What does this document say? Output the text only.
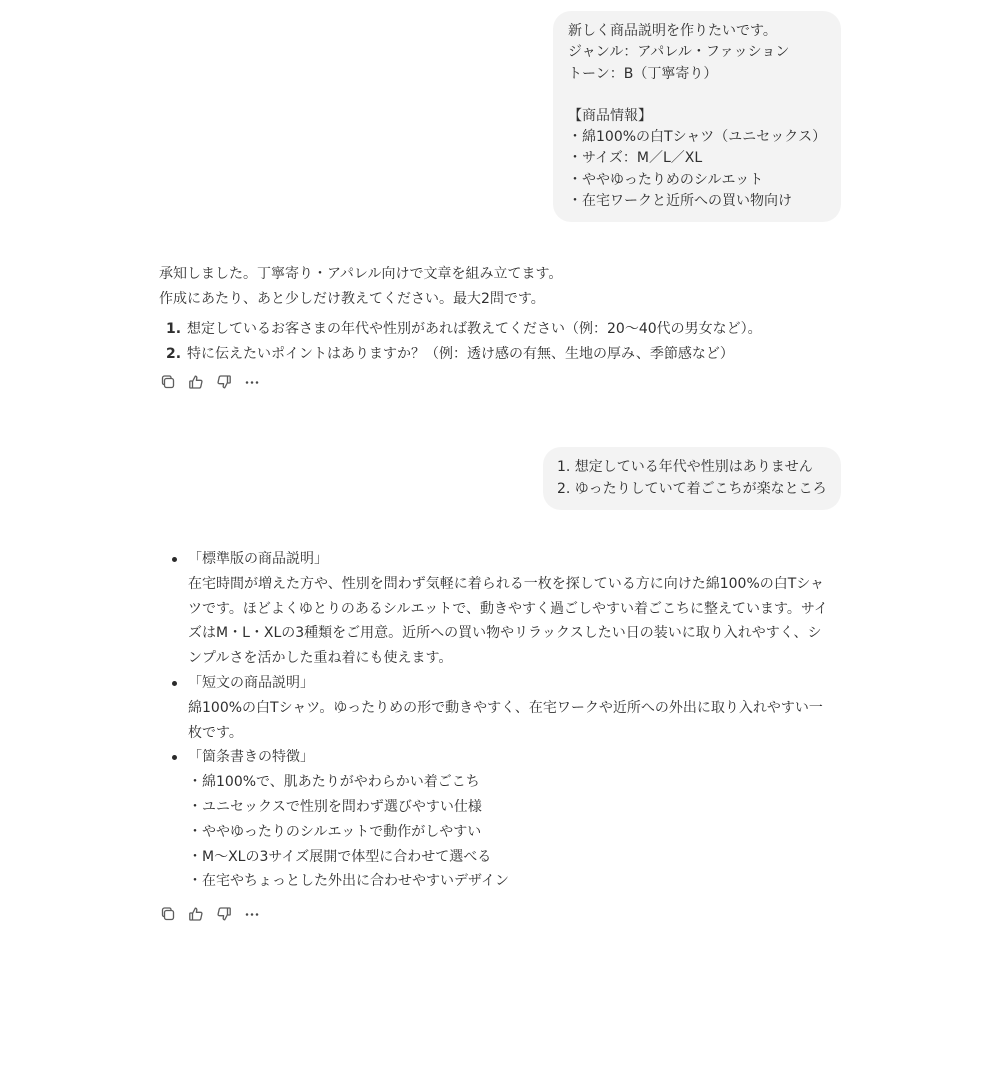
新しく商品説明を作りたいです。
ジャンル：アパレル・ファッション
トーン：B（丁寧寄り）
【商品情報】
・綿100%の白Tシャツ（ユニセックス）
・サイズ：M／L／XL
・ややゆったりめのシルエット
・在宅ワークと近所への買い物向け
承知しました。丁寧寄り・アパレル向けで文章を組み立てます。
作成にあたり、あと少しだけ教えてください。最大2問です。
1. 想定しているお客さまの年代や性別があれば教えてください（例：20〜40代の男女など）。
2. 特に伝えたいポイントはありますか？（例：透け感の有無、生地の厚み、季節感など）
1. 想定している年代や性別はありません
2. ゆったりしていて着ごこちが楽なところ
「標準版の商品説明」
在宅時間が増えた方や、性別を問わず気軽に着られる一枚を探している方に向けた綿100%の白Tシャ
ツです。ほどよくゆとりのあるシルエットで、動きやすく過ごしやすい着ごこちに整えています。サイ
ズはM・L・XLの3種類をご用意。近所への買い物やリラックスしたい日の装いに取り入れやすく、シ
ンプルさを活かした重ね着にも使えます。
「短文の商品説明」
綿100%の白Tシャツ。ゆったりめの形で動きやすく、在宅ワークや近所への外出に取り入れやすい一
枚です。
「箇条書きの特徴」
・綿100%で、肌あたりがやわらかい着ごこち
・ユニセックスで性別を問わず選びやすい仕様
・ややゆったりのシルエットで動作がしやすい
・M〜XLの3サイズ展開で体型に合わせて選べる
・在宅やちょっとした外出に合わせやすいデザイン
